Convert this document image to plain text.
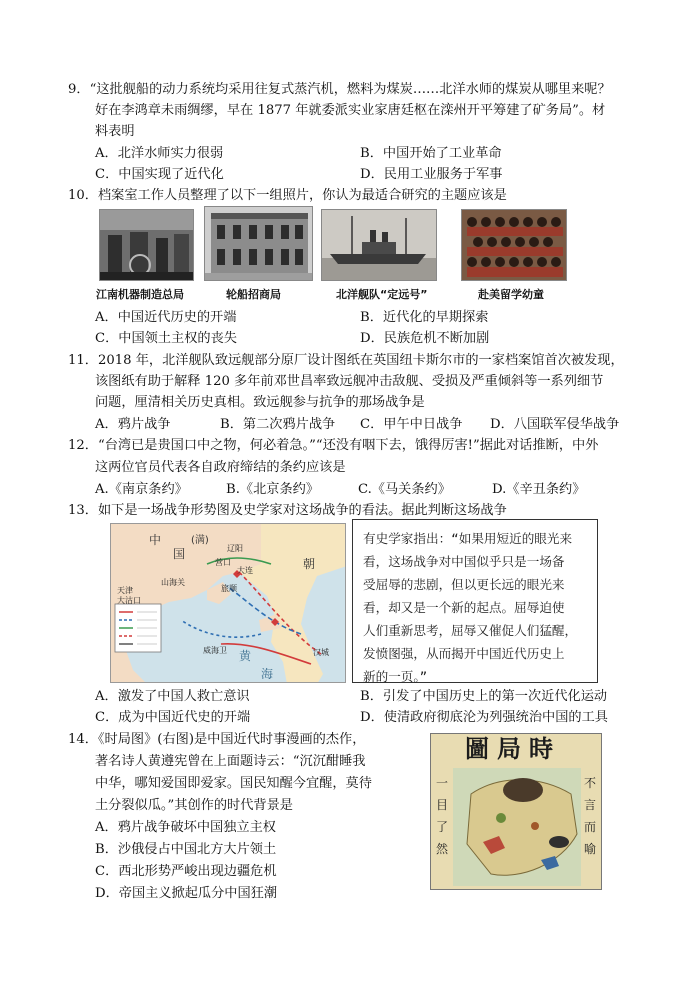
9．“这批舰船的动力系统均采用往复式蒸汽机，燃料为煤炭……北洋水师的煤炭从哪里来呢？
好在李鸿章未雨绸缪，早在 1877 年就委派实业家唐廷枢在滦州开平筹建了矿务局”。材
料表明
A．北洋水师实力很弱	B．中国开始了工业革命
C．中国实现了近代化	D．民用工业服务于军事
10．档案室工作人员整理了以下一组照片，你认为最适合研究的主题应该是
江南机器制造总局	轮船招商局	北洋舰队“定远号”	赴美留学幼童
A．中国近代历史的开端	B．近代化的早期探索
C．中国领土主权的丧失	D．民族危机不断加剧
11．2018 年，北洋舰队致远舰部分原厂设计图纸在英国纽卡斯尔市的一家档案馆首次被发现，
该图纸有助于解释 120 多年前邓世昌率致远舰冲击敌舰、受损及严重倾斜等一系列细节
问题，厘清相关历史真相。致远舰参与抗争的那场战争是
A．鸦片战争	B．第二次鸦片战争 C．甲午中日战争 D．八国联军侵华战争
12．“台湾已是贵国口中之物，何必着急。”“还没有咽下去，饿得厉害!”据此对话推断，中外
这两位官员代表各自政府缔结的条约应该是
A.《南京条约》	B.《北京条约》	C.《马关条约》	D.《辛丑条约》
13．如下是一场战争形势图及史学家对这场战争的看法。据此判断这场战争
中
国
(满)
朝
辽阳
大连
旅顺
营口
天津
山海关
大沽口
威海卫	汉城
黄
海
有史学家指出：“如果用短近的眼光来
看，这场战争对中国似乎只是一场备
受屈辱的悲剧，但以更长远的眼光来
看，却又是一个新的起点。屈辱迫使
人们重新思考，屈辱又催促人们猛醒，
发愤图强，从而揭开中国近代历史上
新的一页。”
A．激发了中国人救亡意识	B．引发了中国历史上的第一次近代化运动
C．成为中国近代史的开端	D．使清政府彻底沦为列强统治中国的工具
14．《时局图》(右图)是中国近代时事漫画的杰作，
著名诗人黄遵宪曾在上面题诗云：“沉沉酣睡我
中华，哪知爱国即爱家。国民知醒今宜醒，莫待
土分裂似瓜。”其创作的时代背景是
A．鸦片战争破坏中国独立主权
B．沙俄侵占中国北方大片领土
C．西北形势严峻出现边疆危机
D．帝国主义掀起瓜分中国狂潮
圖局時
一目了然
不言而喻
